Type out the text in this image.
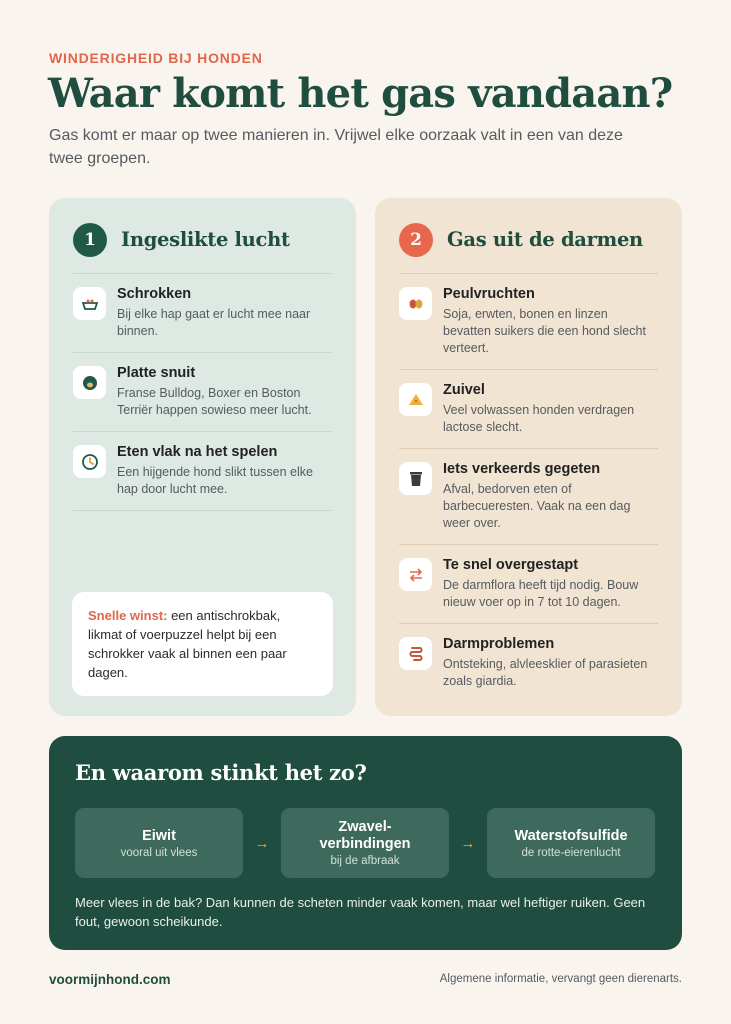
WINDERIGHEID BIJ HONDEN
Waar komt het gas vandaan?
Gas komt er maar op twee manieren in. Vrijwel elke oorzaak valt in een van deze twee groepen.
1	Ingeslikte lucht
Schrokken
Bij elke hap gaat er lucht mee naar binnen.
Platte snuit
Franse Bulldog, Boxer en Boston Terriër happen sowieso meer lucht.
Eten vlak na het spelen
Een hijgende hond slikt tussen elke hap door lucht mee.
Snelle winst: een antischrokbak, likmat of voerpuzzel helpt bij een schrokker vaak al binnen een paar dagen.
2	Gas uit de darmen
Peulvruchten
Soja, erwten, bonen en linzen bevatten suikers die een hond slecht verteert.
Zuivel
Veel volwassen honden verdragen lactose slecht.
Iets verkeerds gegeten
Afval, bedorven eten of barbecueresten. Vaak na een dag weer over.
Te snel overgestapt
De darmflora heeft tijd nodig. Bouw nieuw voer op in 7 tot 10 dagen.
Darmproblemen
Ontsteking, alvleesklier of parasieten zoals giardia.
En waarom stinkt het zo?
Eiwit
vooral uit vlees
→
Zwavel-
verbindingen
bij de afbraak
→	Waterstofsulfide
de rotte-eierenlucht
Meer vlees in de bak? Dan kunnen de scheten minder vaak komen, maar wel heftiger ruiken. Geen fout, gewoon scheikunde.
voormijnhond.com	Algemene informatie, vervangt geen dierenarts.
